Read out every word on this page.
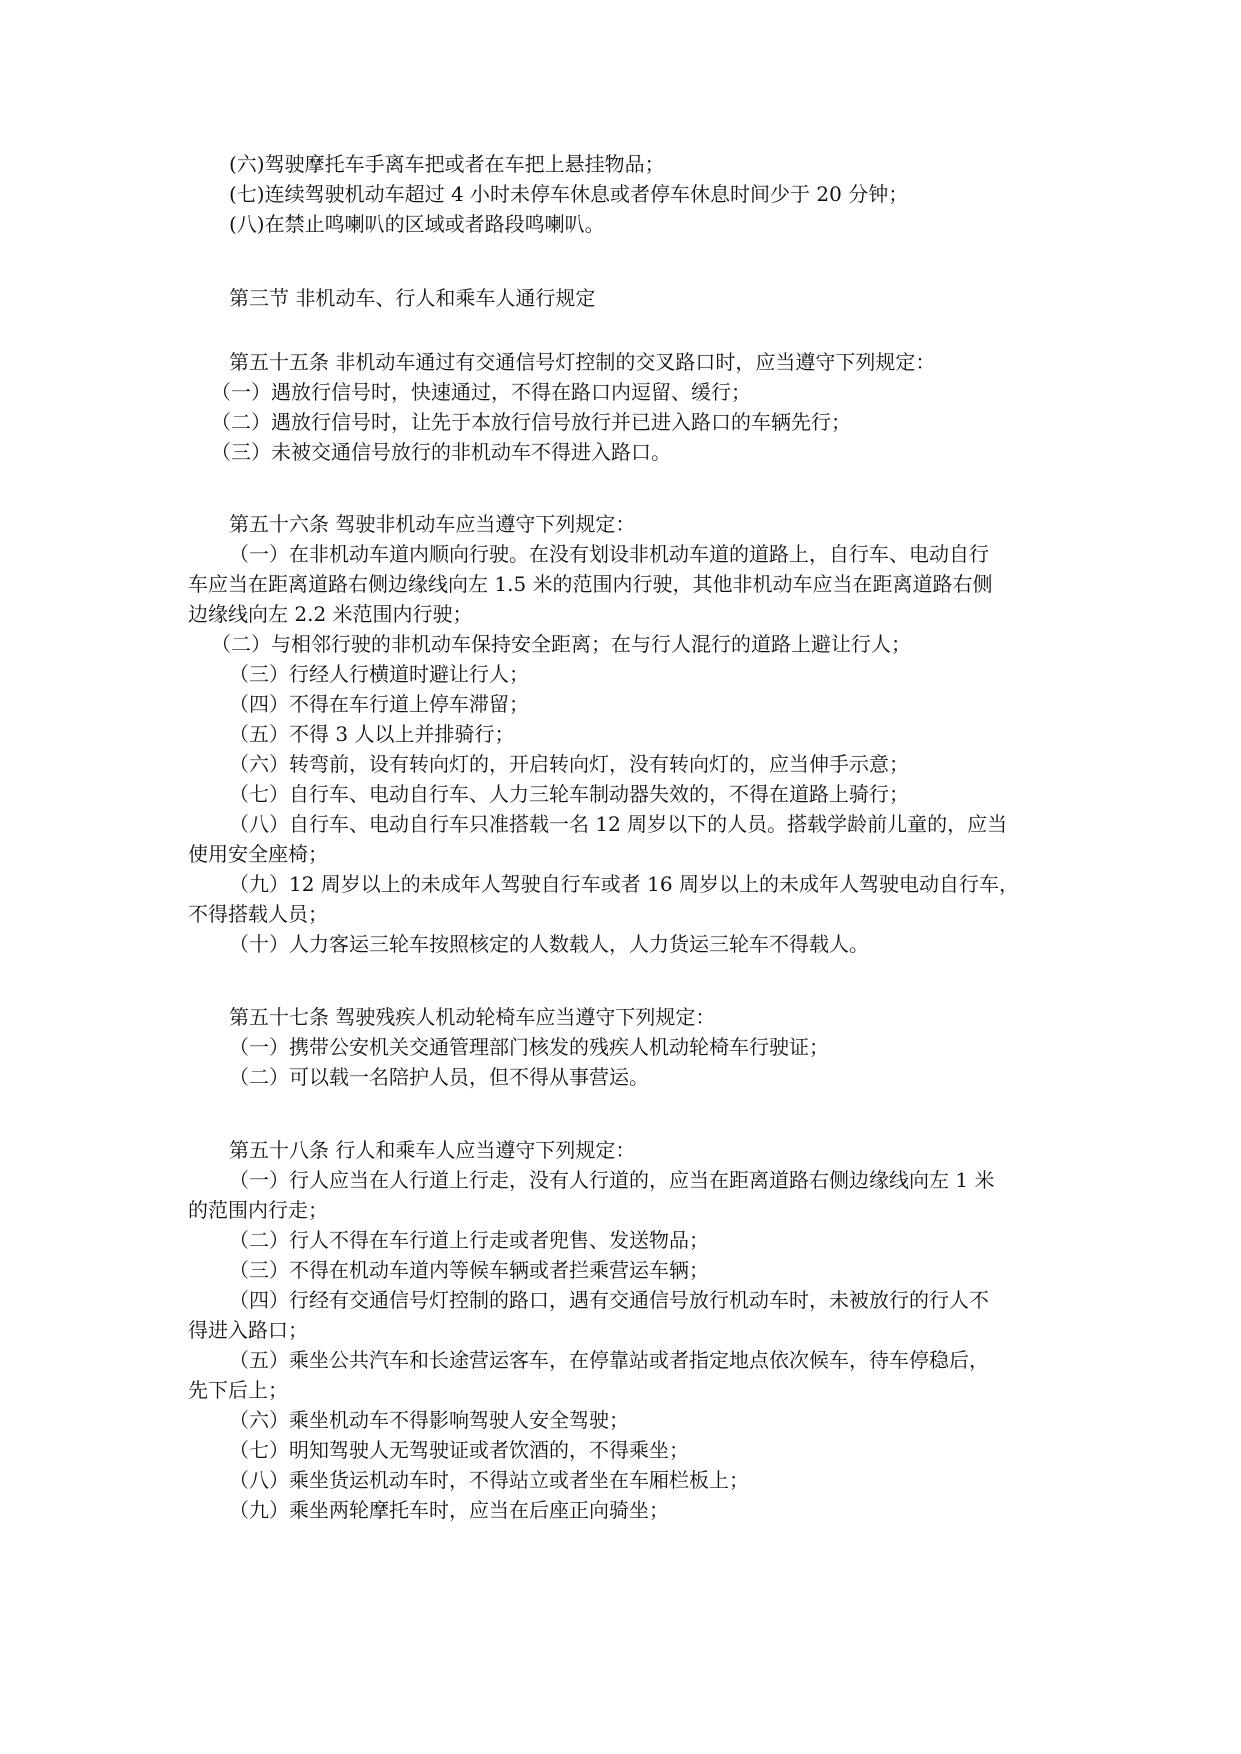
(六)驾驶摩托车手离车把或者在车把上悬挂物品；

(七)连续驾驶机动车超过 4 小时未停车休息或者停车休息时间少于 20 分钟；

(八)在禁止鸣喇叭的区域或者路段鸣喇叭。

第三节 非机动车、行人和乘车人通行规定

第五十五条 非机动车通过有交通信号灯控制的交叉路口时，应当遵守下列规定：

（一）遇放行信号时，快速通过，不得在路口内逗留、缓行；

（二）遇放行信号时，让先于本放行信号放行并已进入路口的车辆先行；

（三）未被交通信号放行的非机动车不得进入路口。

第五十六条 驾驶非机动车应当遵守下列规定：

（一）在非机动车道内顺向行驶。在没有划设非机动车道的道路上，自行车、电动自行

车应当在距离道路右侧边缘线向左 1.5 米的范围内行驶，其他非机动车应当在距离道路右侧

边缘线向左 2.2 米范围内行驶；

（二）与相邻行驶的非机动车保持安全距离；在与行人混行的道路上避让行人；

（三）行经人行横道时避让行人；

（四）不得在车行道上停车滞留；

（五）不得 3 人以上并排骑行；

（六）转弯前，设有转向灯的，开启转向灯，没有转向灯的，应当伸手示意；

（七）自行车、电动自行车、人力三轮车制动器失效的，不得在道路上骑行；

（八）自行车、电动自行车只准搭载一名 12 周岁以下的人员。搭载学龄前儿童的，应当

使用安全座椅；

（九）12 周岁以上的未成年人驾驶自行车或者 16 周岁以上的未成年人驾驶电动自行车，

不得搭载人员；

（十）人力客运三轮车按照核定的人数载人，人力货运三轮车不得载人。

第五十七条 驾驶残疾人机动轮椅车应当遵守下列规定：

（一）携带公安机关交通管理部门核发的残疾人机动轮椅车行驶证；

（二）可以载一名陪护人员，但不得从事营运。

第五十八条 行人和乘车人应当遵守下列规定：

（一）行人应当在人行道上行走，没有人行道的，应当在距离道路右侧边缘线向左 1 米

的范围内行走；

（二）行人不得在车行道上行走或者兜售、发送物品；

（三）不得在机动车道内等候车辆或者拦乘营运车辆；

（四）行经有交通信号灯控制的路口，遇有交通信号放行机动车时，未被放行的行人不

得进入路口；

（五）乘坐公共汽车和长途营运客车，在停靠站或者指定地点依次候车，待车停稳后，

先下后上；

（六）乘坐机动车不得影响驾驶人安全驾驶；

（七）明知驾驶人无驾驶证或者饮酒的，不得乘坐；

（八）乘坐货运机动车时，不得站立或者坐在车厢栏板上；

（九）乘坐两轮摩托车时，应当在后座正向骑坐；
